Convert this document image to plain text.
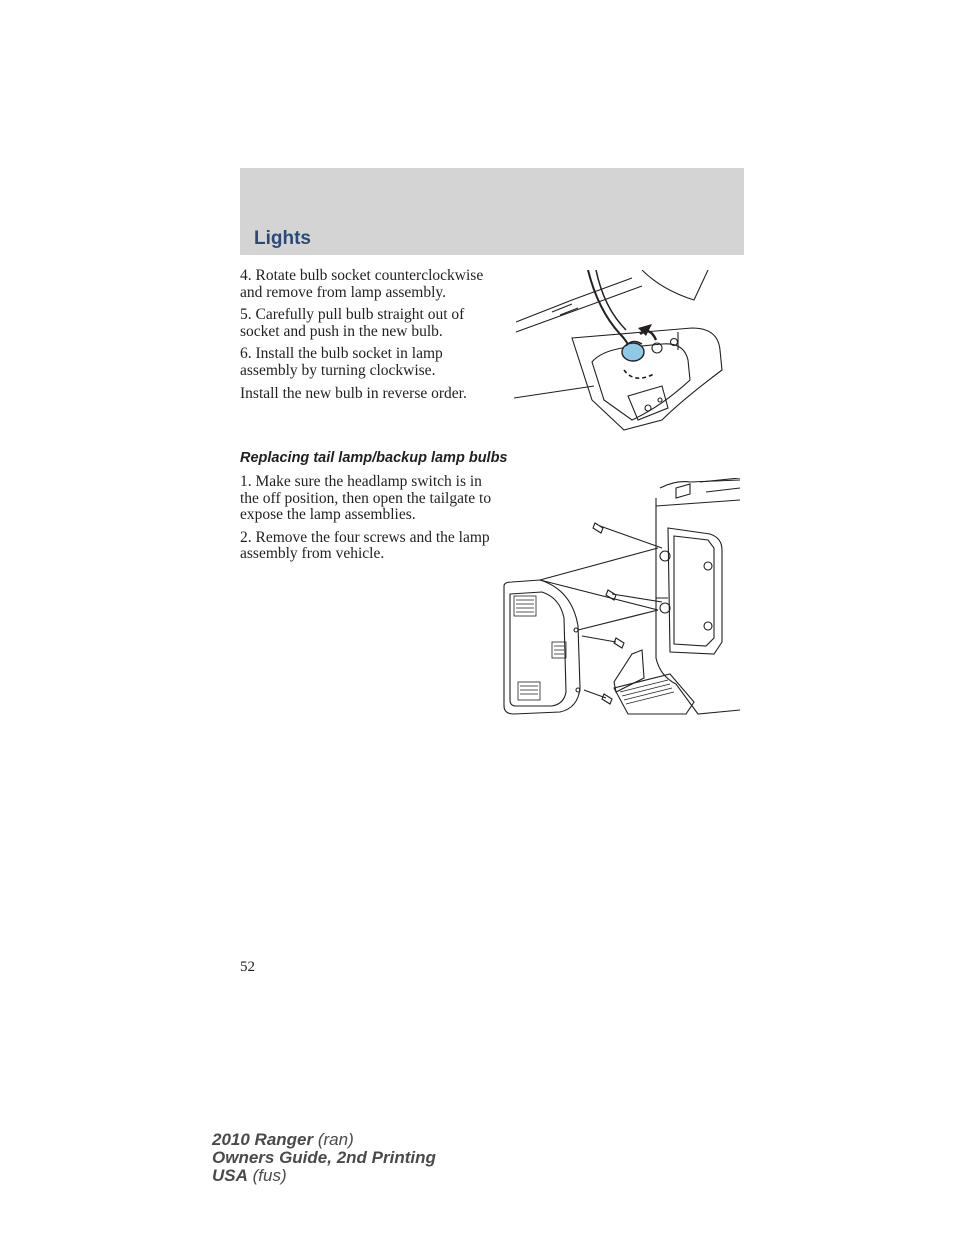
Lights

4. Rotate bulb socket counterclockwise and remove from lamp assembly.

5. Carefully pull bulb straight out of socket and push in the new bulb.

6. Install the bulb socket in lamp assembly by turning clockwise.

Install the new bulb in reverse order.

Replacing tail lamp/backup lamp bulbs

1. Make sure the headlamp switch is in the off position, then open the tailgate to expose the lamp assemblies.

2. Remove the four screws and the lamp assembly from vehicle.

52
2010 Ranger (ran)
Owners Guide, 2nd Printing
USA (fus)
